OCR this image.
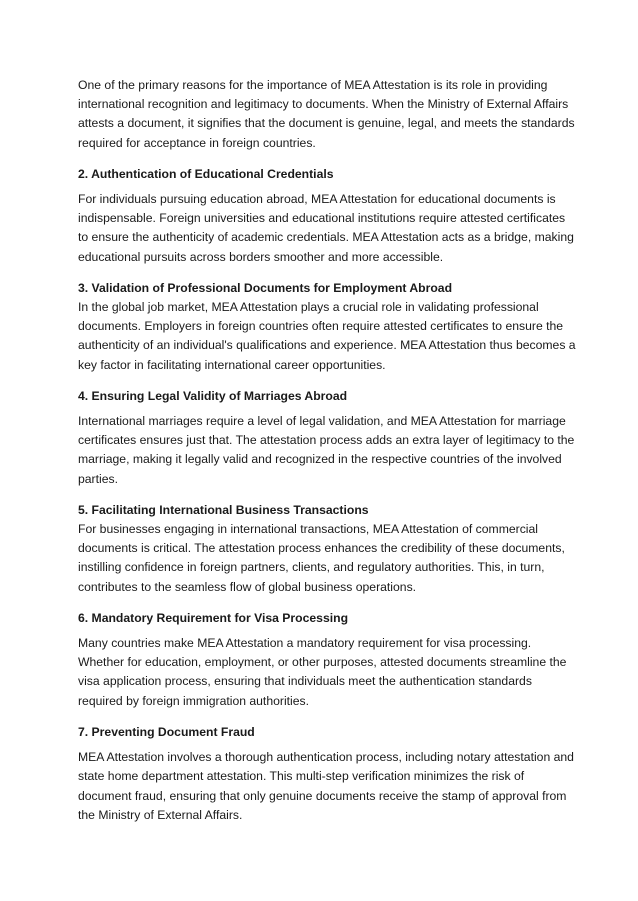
One of the primary reasons for the importance of MEA Attestation is its role in providing international recognition and legitimacy to documents. When the Ministry of External Affairs attests a document, it signifies that the document is genuine, legal, and meets the standards required for acceptance in foreign countries.

2. Authentication of Educational Credentials

For individuals pursuing education abroad, MEA Attestation for educational documents is indispensable. Foreign universities and educational institutions require attested certificates to ensure the authenticity of academic credentials. MEA Attestation acts as a bridge, making educational pursuits across borders smoother and more accessible.

3. Validation of Professional Documents for Employment Abroad

In the global job market, MEA Attestation plays a crucial role in validating professional documents. Employers in foreign countries often require attested certificates to ensure the authenticity of an individual's qualifications and experience. MEA Attestation thus becomes a key factor in facilitating international career opportunities.

4. Ensuring Legal Validity of Marriages Abroad

International marriages require a level of legal validation, and MEA Attestation for marriage certificates ensures just that. The attestation process adds an extra layer of legitimacy to the marriage, making it legally valid and recognized in the respective countries of the involved parties.

5. Facilitating International Business Transactions

For businesses engaging in international transactions, MEA Attestation of commercial documents is critical. The attestation process enhances the credibility of these documents, instilling confidence in foreign partners, clients, and regulatory authorities. This, in turn, contributes to the seamless flow of global business operations.

6. Mandatory Requirement for Visa Processing

Many countries make MEA Attestation a mandatory requirement for visa processing. Whether for education, employment, or other purposes, attested documents streamline the visa application process, ensuring that individuals meet the authentication standards required by foreign immigration authorities.

7. Preventing Document Fraud

MEA Attestation involves a thorough authentication process, including notary attestation and state home department attestation. This multi-step verification minimizes the risk of document fraud, ensuring that only genuine documents receive the stamp of approval from the Ministry of External Affairs.
